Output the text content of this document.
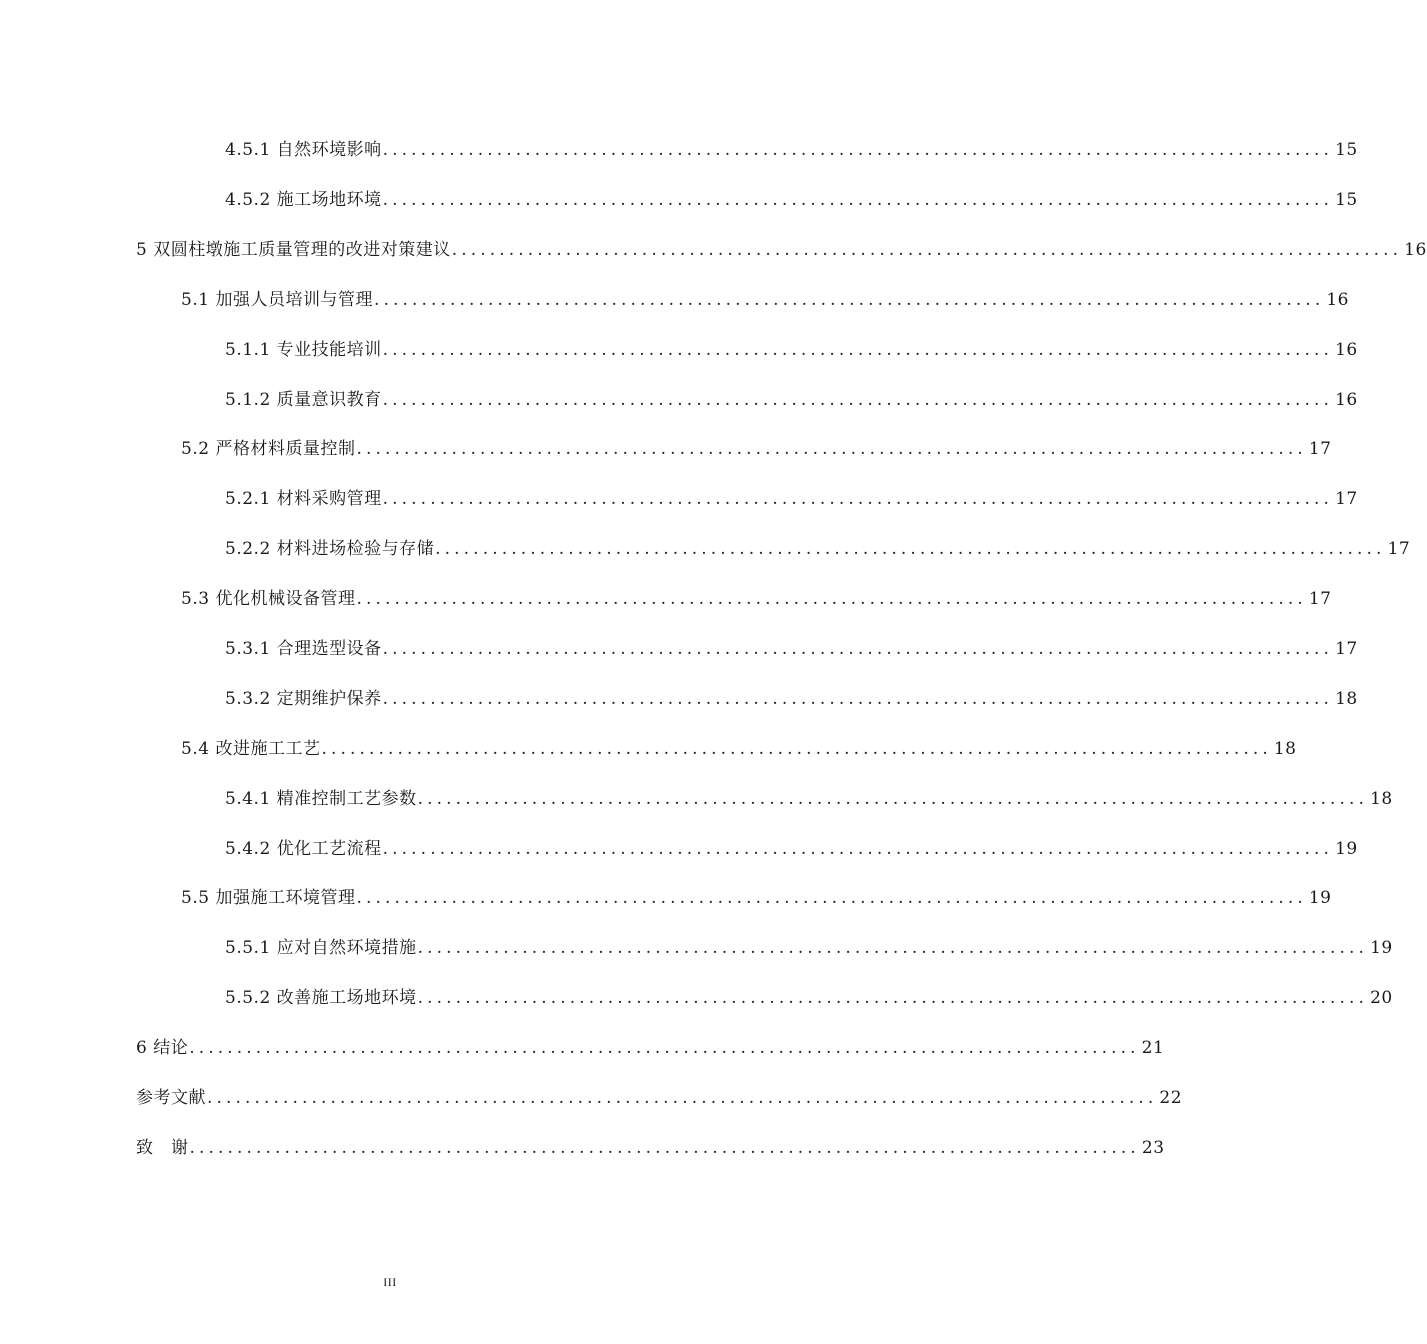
4.5.1 自然环境影响 .................................................................................................... 15
4.5.2 施工场地环境 .................................................................................................... 15
5 双圆柱墩施工质量管理的改进对策建议 .................................................................................................... 16
5.1 加强人员培训与管理 .................................................................................................... 16
5.1.1 专业技能培训 .................................................................................................... 16
5.1.2 质量意识教育 .................................................................................................... 16
5.2 严格材料质量控制 .................................................................................................... 17
5.2.1 材料采购管理 .................................................................................................... 17
5.2.2 材料进场检验与存储 .................................................................................................... 17
5.3 优化机械设备管理 .................................................................................................... 17
5.3.1 合理选型设备 .................................................................................................... 17
5.3.2 定期维护保养 .................................................................................................... 18
5.4 改进施工工艺 .................................................................................................... 18
5.4.1 精准控制工艺参数 .................................................................................................... 18
5.4.2 优化工艺流程 .................................................................................................... 19
5.5 加强施工环境管理 .................................................................................................... 19
5.5.1 应对自然环境措施 .................................................................................................... 19
5.5.2 改善施工场地环境 .................................................................................................... 20
6 结论 .................................................................................................... 21
参考文献 .................................................................................................... 22
致　谢 .................................................................................................... 23
III
